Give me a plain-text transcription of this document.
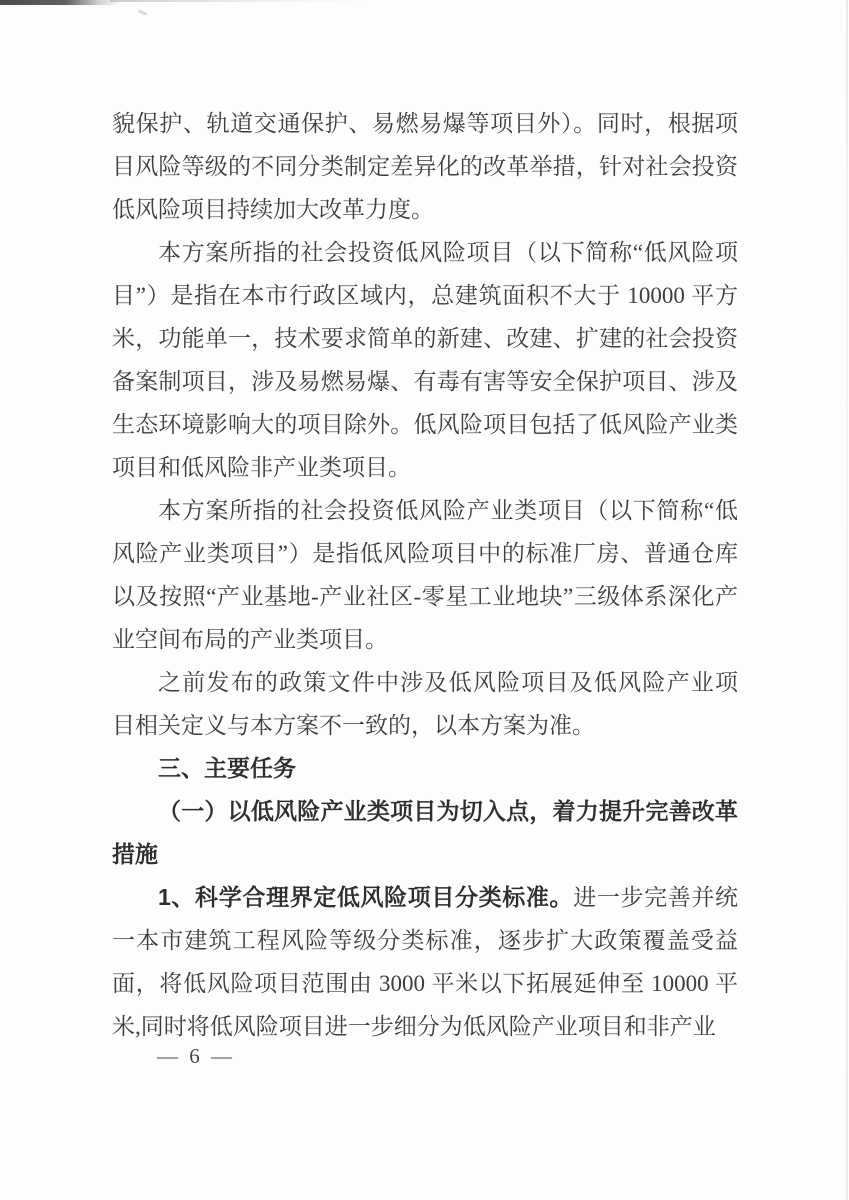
貌保护、轨道交通保护、易燃易爆等项目外）。同时，根据项
目风险等级的不同分类制定差异化的改革举措，针对社会投资
低风险项目持续加大改革力度。
本方案所指的社会投资低风险项目（以下简称“低风险项
目”）是指在本市行政区域内，总建筑面积不大于 10000 平方
米，功能单一，技术要求简单的新建、改建、扩建的社会投资
备案制项目，涉及易燃易爆、有毒有害等安全保护项目、涉及
生态环境影响大的项目除外。低风险项目包括了低风险产业类
项目和低风险非产业类项目。
本方案所指的社会投资低风险产业类项目（以下简称“低
风险产业类项目”）是指低风险项目中的标准厂房、普通仓库
以及按照“产业基地-产业社区-零星工业地块”三级体系深化产
业空间布局的产业类项目。
之前发布的政策文件中涉及低风险项目及低风险产业项
目相关定义与本方案不一致的，以本方案为准。
三、主要任务
（一）以低风险产业类项目为切入点，着力提升完善改革
措施
1、科学合理界定低风险项目分类标准。进一步完善并统
一本市建筑工程风险等级分类标准，逐步扩大政策覆盖受益
面，将低风险项目范围由 3000 平米以下拓展延伸至 10000 平
米,同时将低风险项目进一步细分为低风险产业项目和非产业
— 6 —
